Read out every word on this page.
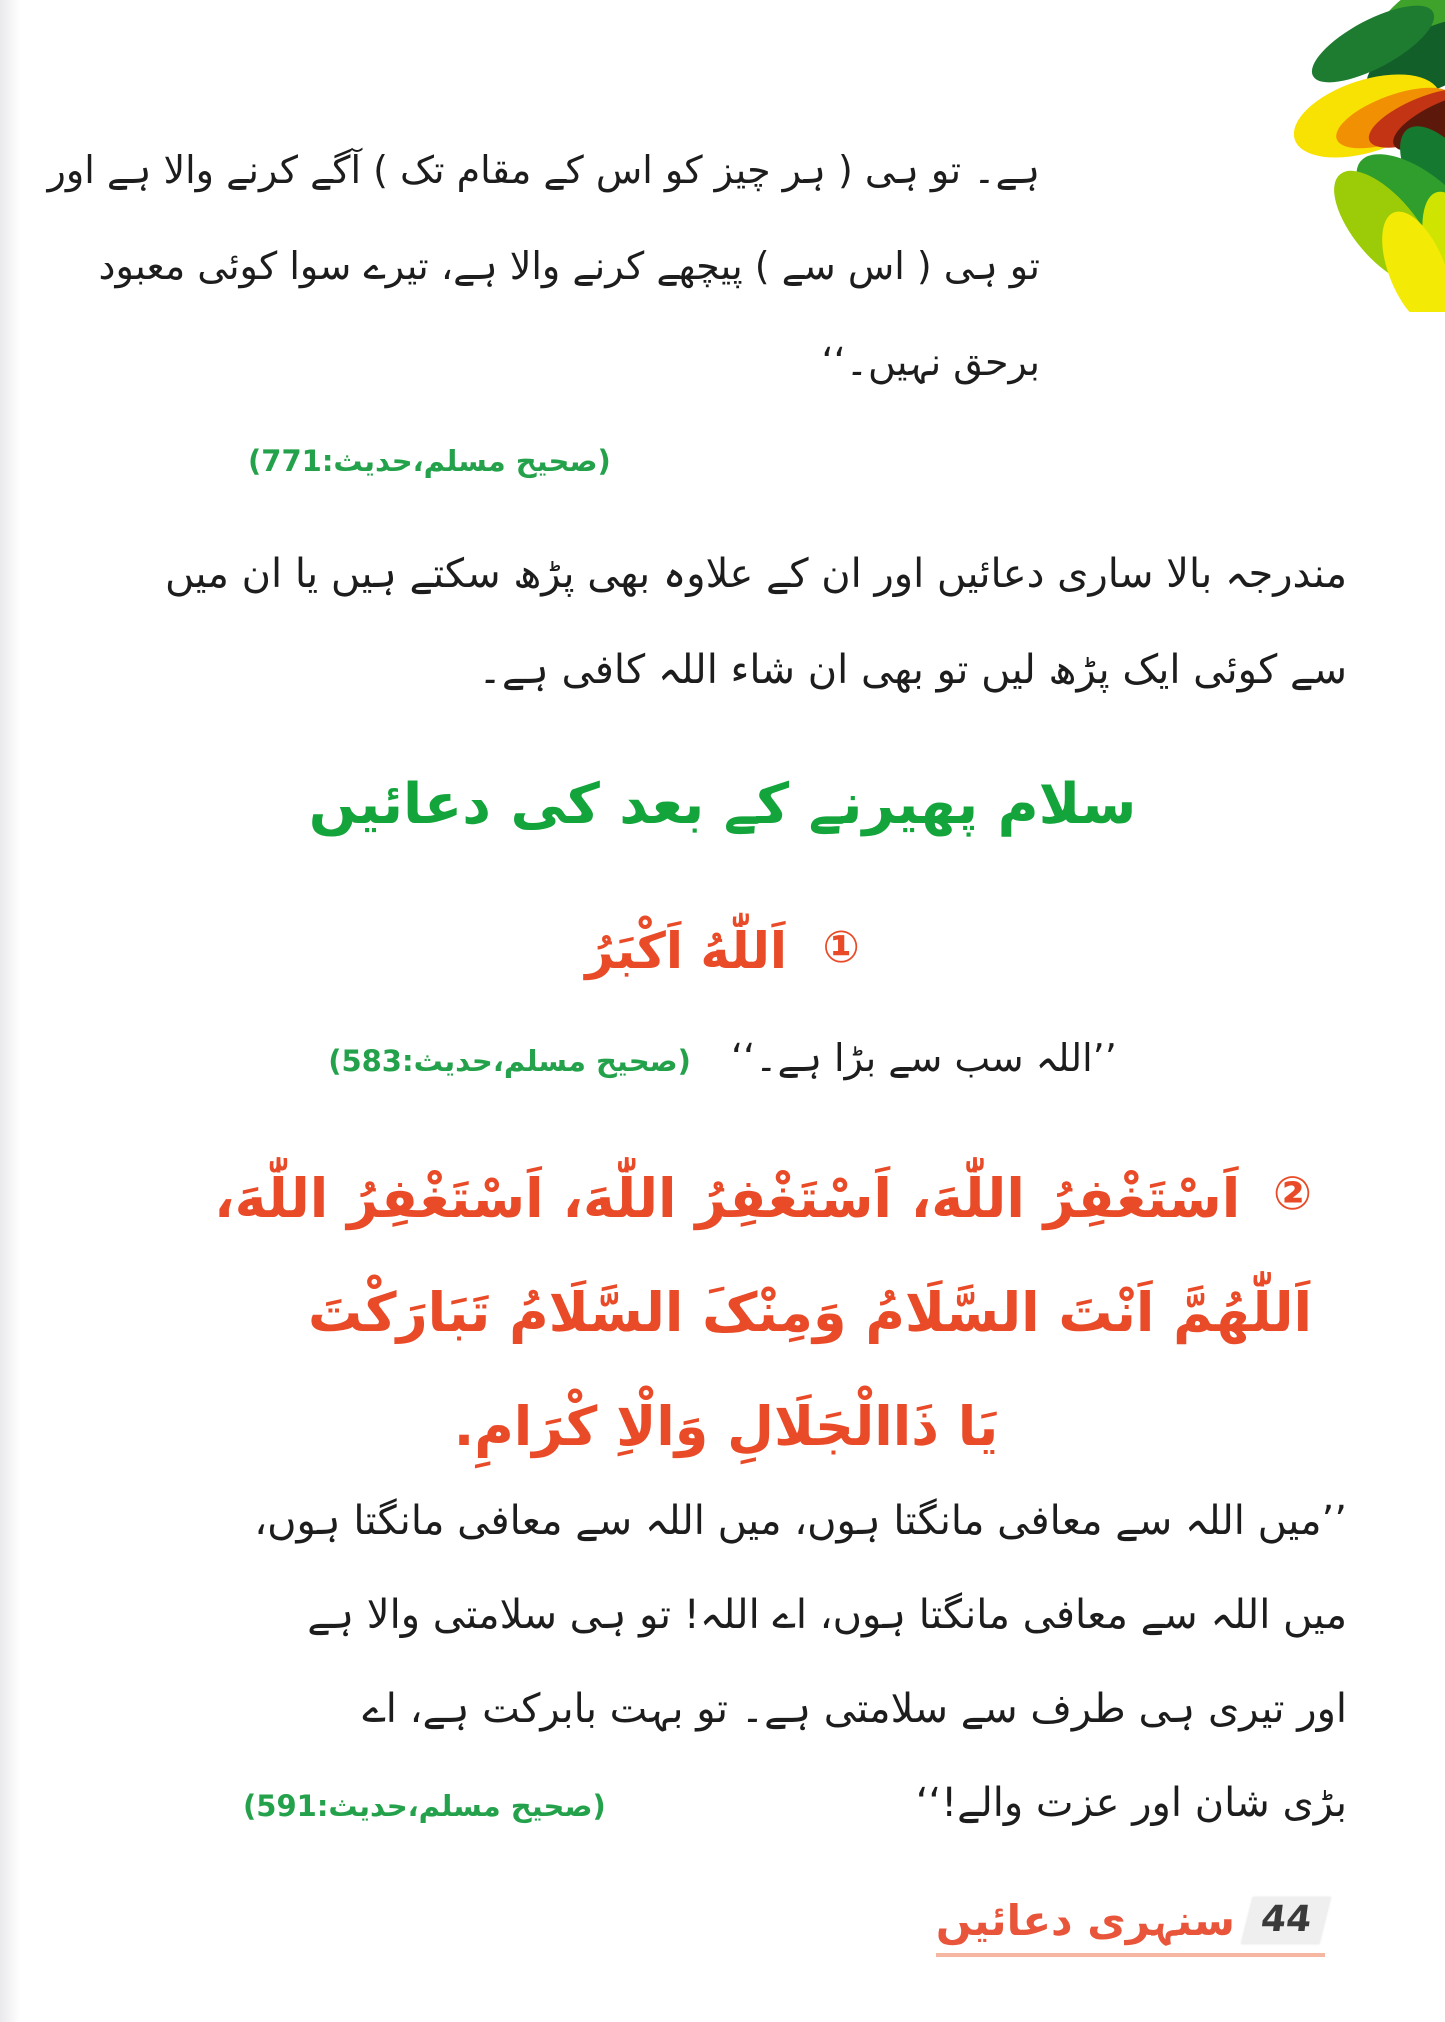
ہے۔ تو ہی ( ہر چیز کو اس کے مقام تک ) آگے کرنے والا ہے اور
تو ہی ( اس سے ) پیچھے کرنے والا ہے، تیرے سوا کوئی معبود
برحق نہیں۔‘‘
(صحیح مسلم،حدیث:771)
مندرجہ بالا ساری دعائیں اور ان کے علاوہ بھی پڑھ سکتے ہیں یا ان میں
سے کوئی ایک پڑھ لیں تو بھی ان شاء اللہ کافی ہے۔
سلام پھیرنے کے بعد کی دعائیں
① اَللّٰهُ اَکْبَرُ
’’اللہ سب سے بڑا ہے۔‘‘ (صحیح مسلم،حدیث:583)
② اَسْتَغْفِرُ اللّٰهَ، اَسْتَغْفِرُ اللّٰهَ، اَسْتَغْفِرُ اللّٰهَ،
اَللّٰهُمَّ اَنْتَ السَّلَامُ وَمِنْکَ السَّلَامُ تَبَارَکْتَ
یَا ذَاالْجَلَالِ وَالْاِ کْرَامِ.
’’میں اللہ سے معافی مانگتا ہوں، میں اللہ سے معافی مانگتا ہوں،
میں اللہ سے معافی مانگتا ہوں، اے اللہ! تو ہی سلامتی والا ہے
اور تیری ہی طرف سے سلامتی ہے۔ تو بہت بابرکت ہے، اے
بڑی شان اور عزت والے!‘‘
(صحیح مسلم،حدیث:591)
سنہری دعائیں 44
